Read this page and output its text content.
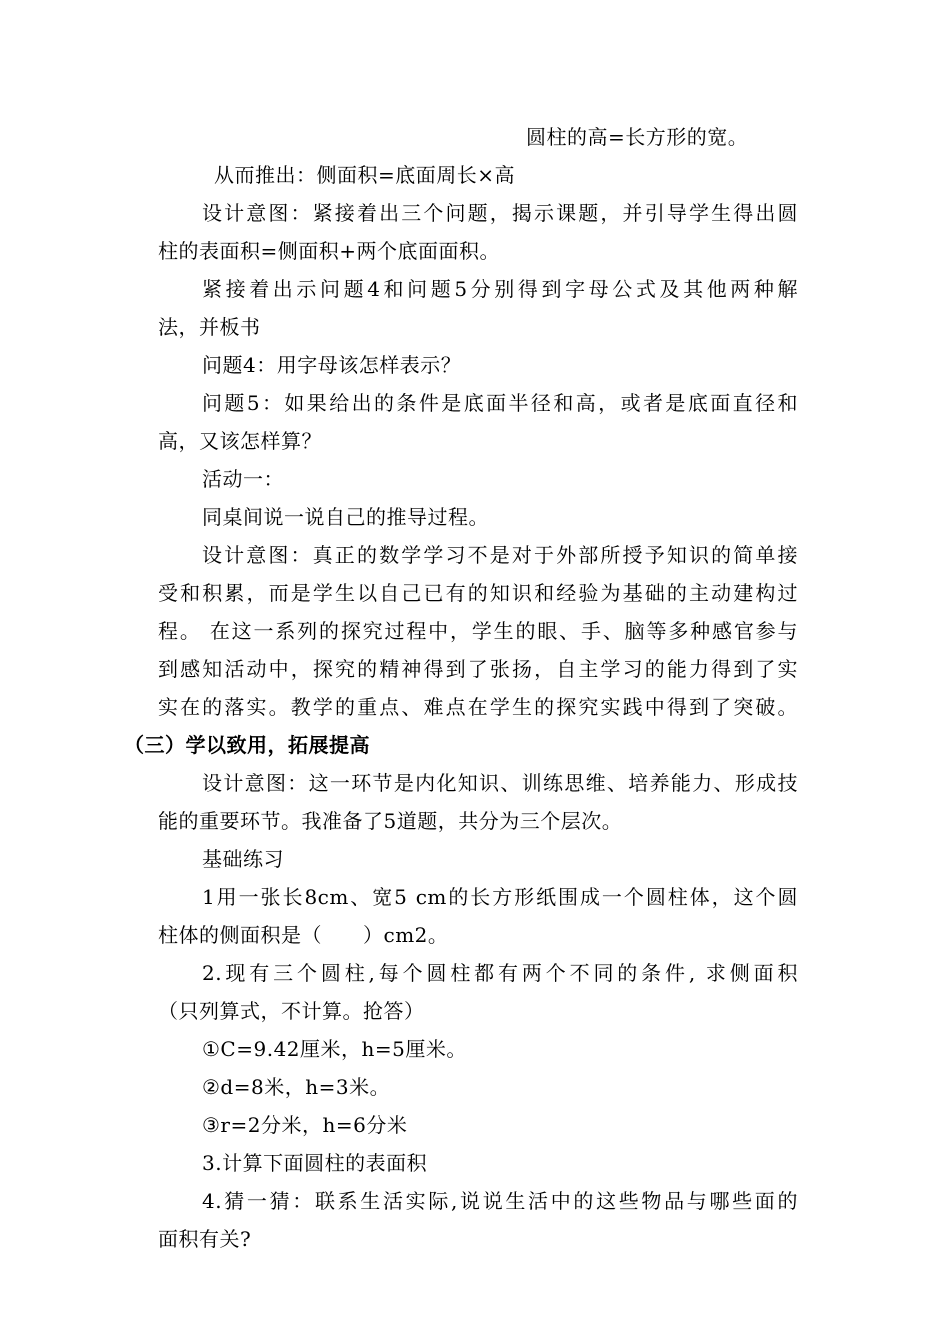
圆柱的高=长方形的宽。
从而推出：侧面积=底面周长×高
设计意图：紧接着出三个问题，揭示课题，并引导学生得出圆
柱的表面积=侧面积+两个底面面积。
紧接着出示问题4和问题5分别得到字母公式及其他两种解
法，并板书
问题4：用字母该怎样表示？
问题5：如果给出的条件是底面半径和高，或者是底面直径和
高，又该怎样算？
活动一：
同桌间说一说自己的推导过程。
设计意图：真正的数学学习不是对于外部所授予知识的简单接
受和积累，而是学生以自己已有的知识和经验为基础的主动建构过
程。 在这一系列的探究过程中，学生的眼、手、脑等多种感官参与
到感知活动中，探究的精神得到了张扬，自主学习的能力得到了实
实在的落实。教学的重点、难点在学生的探究实践中得到了突破。
（三）学以致用，拓展提高
设计意图：这一环节是内化知识、训练思维、培养能力、形成技
能的重要环节。我准备了5道题，共分为三个层次。
基础练习
1用一张长8cm、宽5 cm的长方形纸围成一个圆柱体，这个圆
柱体的侧面积是（　　）cm2。
2.现有三个圆柱,每个圆柱都有两个不同的条件, 求侧面积
（只列算式，不计算。抢答）
①C=9.42厘米，h=5厘米。
②d=8米，h=3米。
③r=2分米，h=6分米
3.计算下面圆柱的表面积
4.猜一猜：联系生活实际,说说生活中的这些物品与哪些面的
面积有关?
